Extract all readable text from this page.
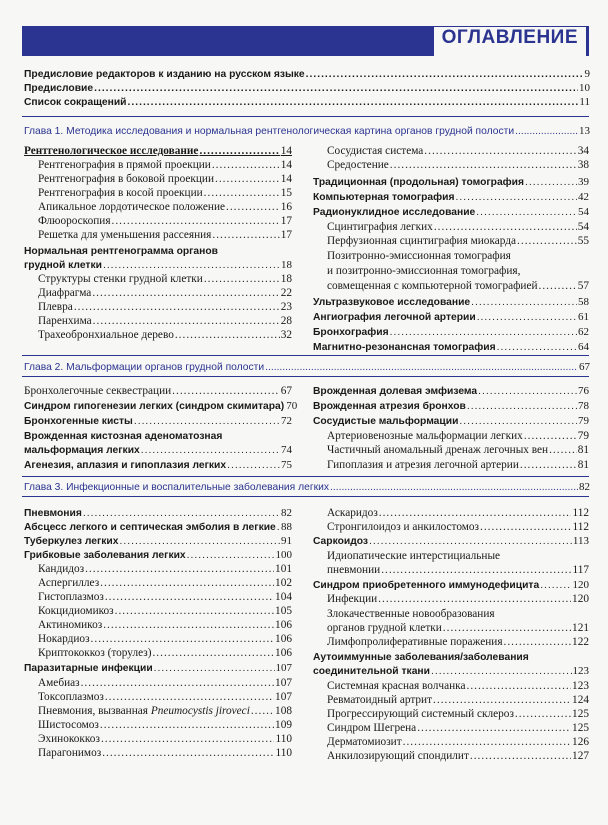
ОГЛАВЛЕНИЕ
Предисловие редакторов к изданию на русском языке .....	9
Предисловие .....	10
Список сокращений .....	11
Глава 1. Методика исследования и нормальная рентгенологическая картина органов грудной полости .....	13
Рентгенологическое исследование .....	14
Рентгенография в прямой проекции .....	14
Рентгенография в боковой проекции .....	14
Рентгенография в косой проекции .....	15
Апикальное лордотическое положение .....	16
Флюороскопия .....	17
Решетка для уменьшения рассеяния .....	17
Нормальная рентгенограмма органов
грудной клетки .....	18
Структуры стенки грудной клетки .....	18
Диафрагма .....	22
Плевра .....	23
Паренхима .....	28
Трахеобронхиальное дерево .....	32
Сосудистая система .....	34
Средостение .....	38
Традиционная (продольная) томография .....	39
Компьютерная томография .....	42
Радионуклидное исследование .....	54
Сцинтиграфия легких .....	54
Перфузионная сцинтиграфия миокарда .....	55
Позитронно-эмиссионная томография
и позитронно-эмиссионная томография,
совмещенная с компьютерной томографией .....	57
Ультразвуковое исследование .....	58
Ангиография легочной артерии .....	61
Бронхография .....	62
Магнитно-резонансная томография .....	64
Глава 2. Мальформации органов грудной полости .....	67
Бронхолегочные секвестрации .....	67
Синдром гипогенезии легких (синдром скимитара) 70
Бронхогенные кисты .....	72
Врожденная кистозная аденоматозная
мальформация легких .....	74
Агенезия, аплазия и гипоплазия легких .....	75
Врожденная долевая эмфизема .....	76
Врожденная атрезия бронхов .....	78
Сосудистые мальформации .....	79
Артериовенозные мальформации легких .....	79
Частичный аномальный дренаж легочных вен .....	81
Гипоплазия и атрезия легочной артерии .....	81
Глава 3. Инфекционные и воспалительные заболевания легких .....	82
Пневмония .....	82
Абсцесс легкого и септическая эмболия в легкие ..... 88
Туберкулез легких .....	91
Грибковые заболевания легких .....	100
Кандидоз .....	101
Аспергиллез .....	102
Гистоплазмоз .....	104
Кокцидиомикоз .....	105
Актиномикоз .....	106
Нокардиоз .....	106
Криптококкоз (торулез) .....	106
Паразитарные инфекции .....	107
Амебиаз .....	107
Токсоплазмоз .....	107
Пневмония, вызванная Pneumocystis jiroveci ..... 108
Шистосомоз .....	109
Эхинококкоз .....	110
Парагонимоз .....	110
Аскаридоз .....	112
Стронгилоидоз и анкилостомоз .....	112
Саркоидоз .....	113
Идиопатические интерстициальные
пневмонии .....	117
Синдром приобретенного иммунодефицита .....	120
Инфекции .....	120
Злокачественные новообразования
органов грудной клетки .....	121
Лимфопролиферативные поражения .....	122
Аутоиммунные заболевания/заболевания
соединительной ткани .....	123
Системная красная волчанка .....	123
Ревматоидный артрит .....	124
Прогрессирующий системный склероз .....	125
Синдром Шегрена .....	125
Дерматомиозит .....	126
Анкилозирующий спондилит .....	127
